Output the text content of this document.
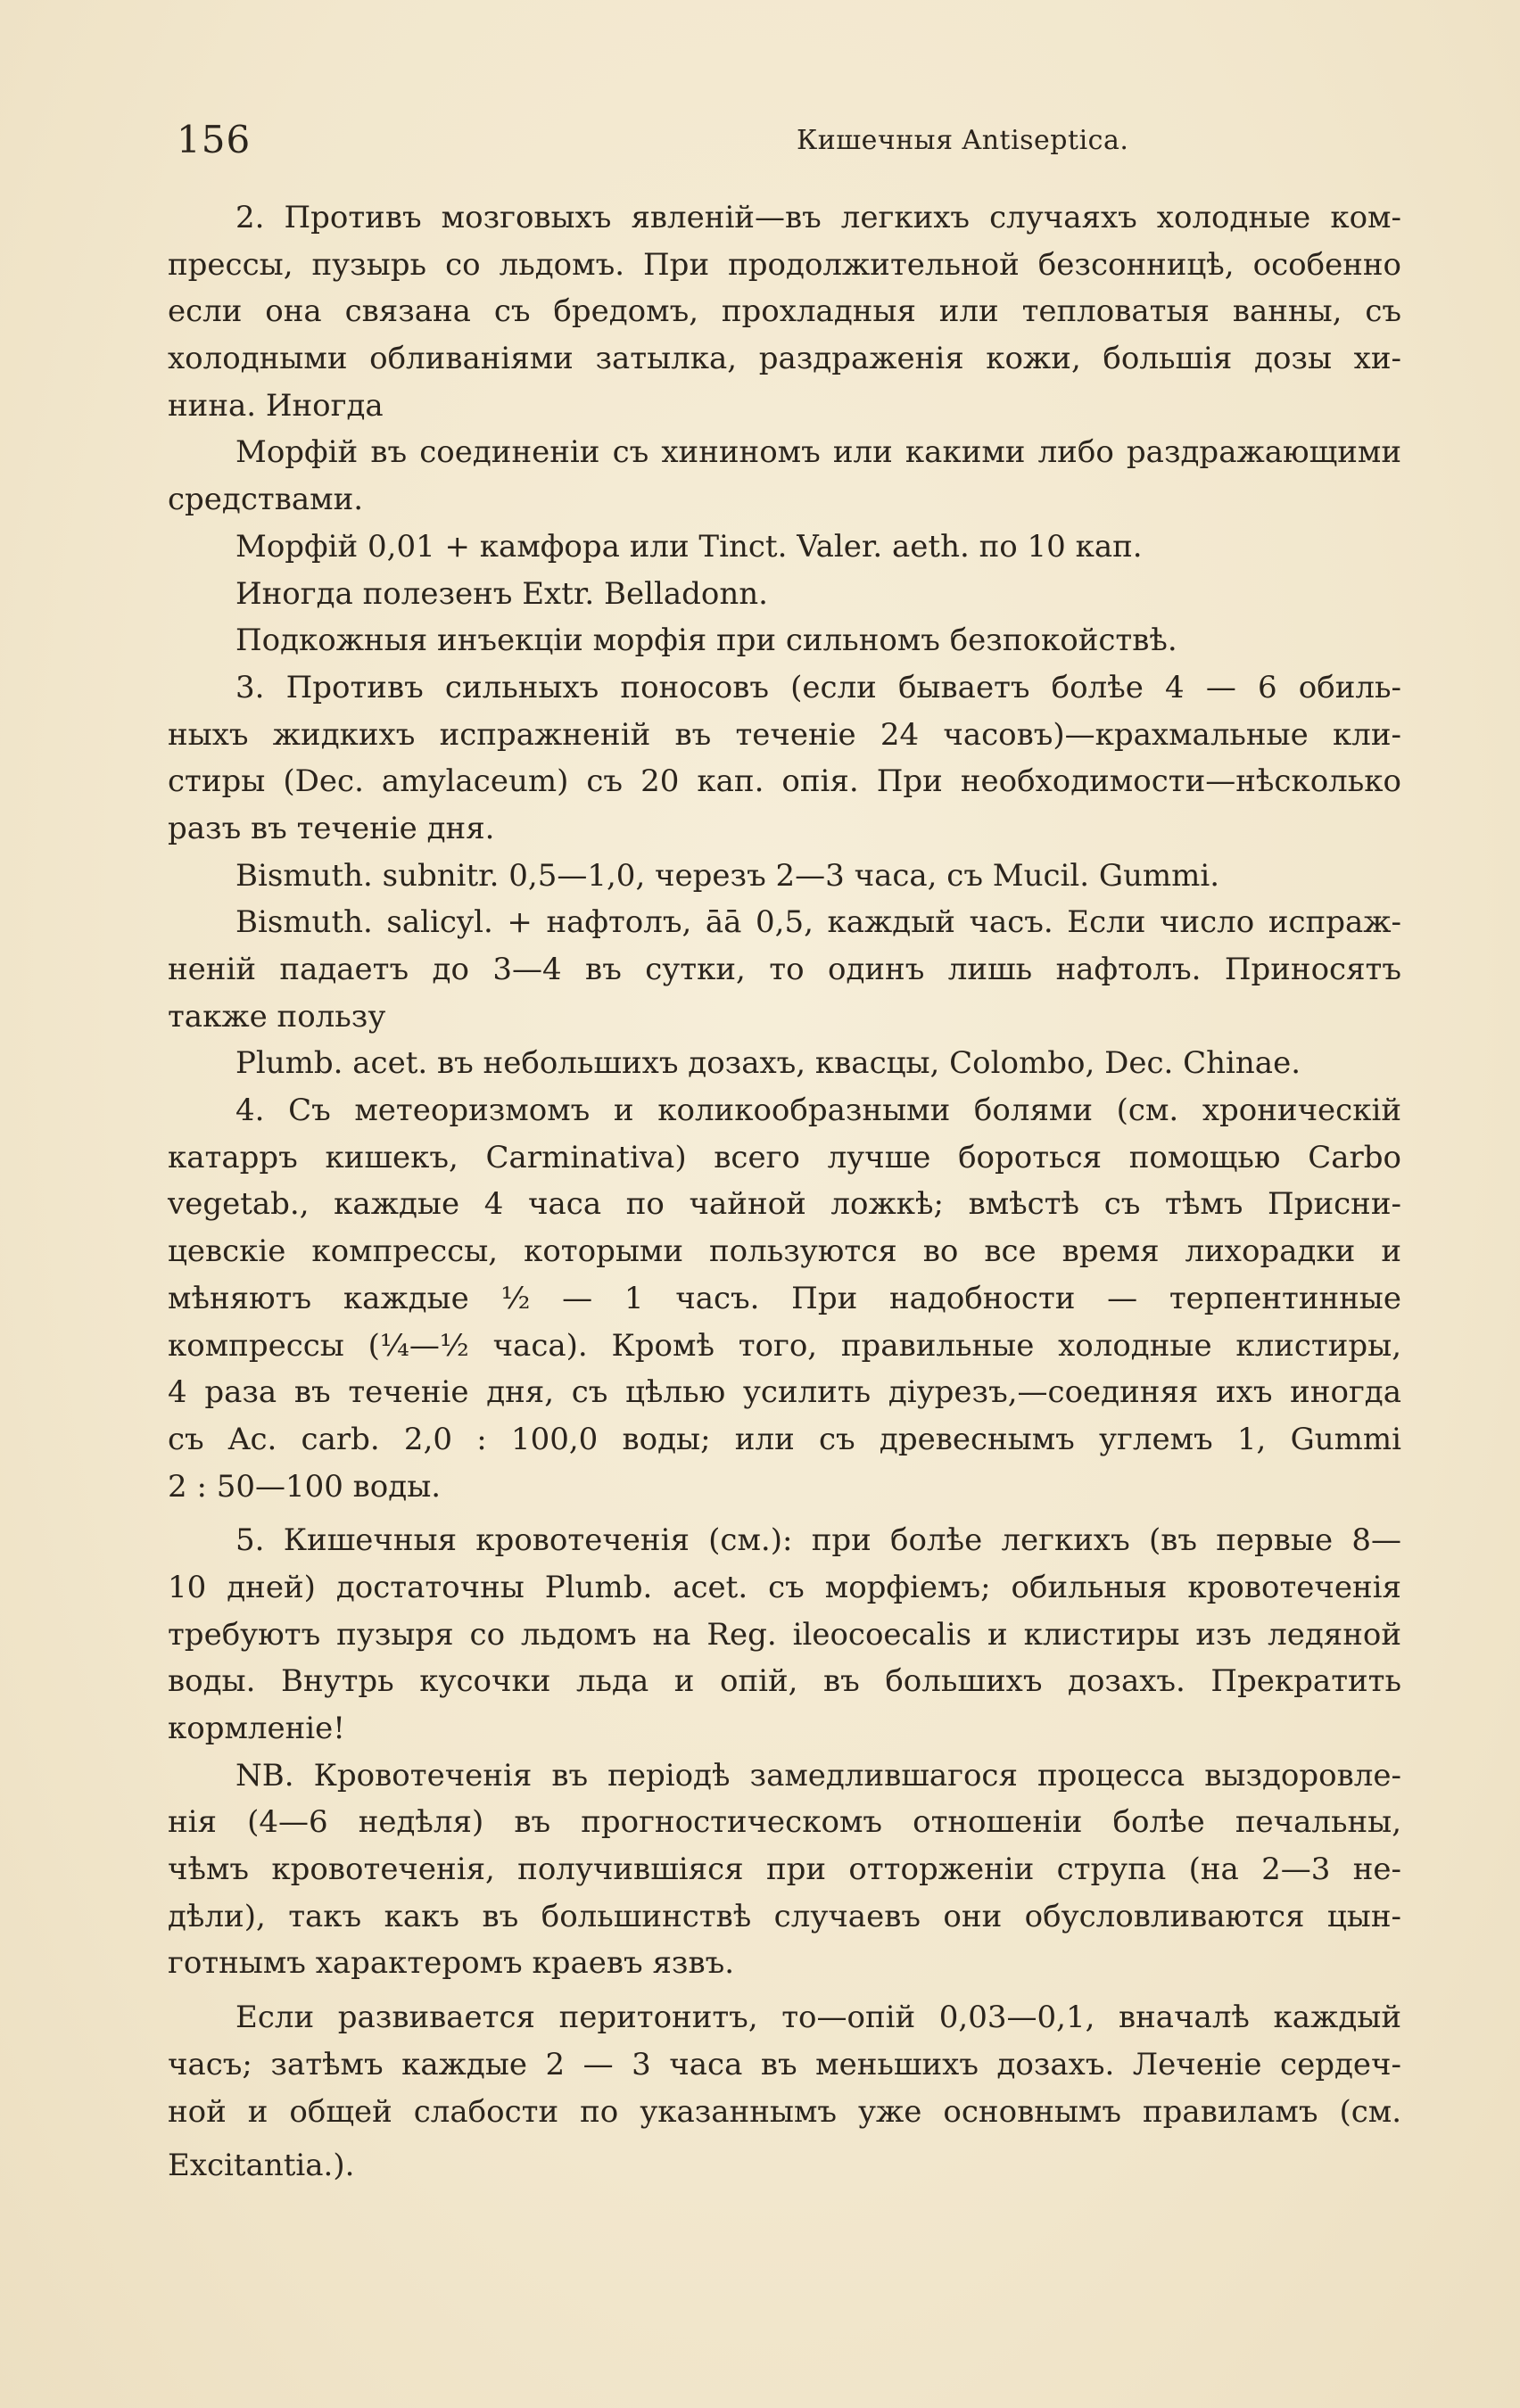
156	Кишечныя Antiseptica.
2. Противъ мозговыхъ явленій—въ легкихъ случаяхъ холодные ком-
прессы, пузырь со льдомъ. При продолжительной безсонницѣ, особенно
если она связана съ бредомъ, прохладныя или тепловатыя ванны, съ
холодными обливаніями затылка, раздраженія кожи, большія дозы хи-
нина. Иногда
Морфій въ соединеніи съ хининомъ или какими либо раздражающими
средствами.
Морфій 0,01 + камфора или Tinct. Valer. aeth. по 10 кап.
Иногда полезенъ Extr. Belladonn.
Подкожныя инъекціи морфія при сильномъ безпокойствѣ.
3. Противъ сильныхъ поносовъ (если бываетъ болѣе 4 — 6 обиль-
ныхъ жидкихъ испражненій въ теченіе 24 часовъ)—крахмальные кли-
стиры (Dec. amylaceum) съ 20 кап. опія. При необходимости—нѣсколько
разъ въ теченіе дня.
Bismuth. subnitr. 0,5—1,0, черезъ 2—3 часа, съ Mucil. Gummi.
Bismuth. salicyl. + нафтолъ, āā 0,5, каждый часъ. Если число испраж-
неній падаетъ до 3—4 въ сутки, то одинъ лишь нафтолъ. Приносятъ
также пользу
Plumb. acet. въ небольшихъ дозахъ, квасцы, Colombo, Dec. Chinae.
4. Съ метеоризмомъ и коликообразными болями (см. хроническій
катарръ кишекъ, Carminativa) всего лучше бороться помощью Carbo
vegetab., каждые 4 часа по чайной ложкѣ; вмѣстѣ съ тѣмъ Присни-
цевскіе компрессы, которыми пользуются во все время лихорадки и
мѣняютъ каждые ½ — 1 часъ. При надобности — терпентинные
компрессы (¼—½ часа). Кромѣ того, правильные холодные клистиры,
4 раза въ теченіе дня, съ цѣлью усилить діурезъ,—соединяя ихъ иногда
съ Ac. carb. 2,0 : 100,0 воды; или съ древеснымъ углемъ 1, Gummi
2 : 50—100 воды.
5. Кишечныя кровотеченія (см.): при болѣе легкихъ (въ первые 8—
10 дней) достаточны Plumb. acet. съ морфіемъ; обильныя кровотеченія
требуютъ пузыря со льдомъ на Reg. ileocoecalis и клистиры изъ ледяной
воды. Внутрь кусочки льда и опій, въ большихъ дозахъ. Прекратить
кормленіе!
NB. Кровотеченія въ періодѣ замедлившагося процесса выздоровле-
нія (4—6 недѣля) въ прогностическомъ отношеніи болѣе печальны,
чѣмъ кровотеченія, получившіяся при отторженіи струпа (на 2—3 не-
дѣли), такъ какъ въ большинствѣ случаевъ они обусловливаются цын-
готнымъ характеромъ краевъ язвъ.
Если развивается перитонитъ, то—опій 0,03—0,1, вначалѣ каждый
часъ; затѣмъ каждые 2 — 3 часа въ меньшихъ дозахъ. Леченіе сердеч-
ной и общей слабости по указаннымъ уже основнымъ правиламъ (см.
Excitantia.).
